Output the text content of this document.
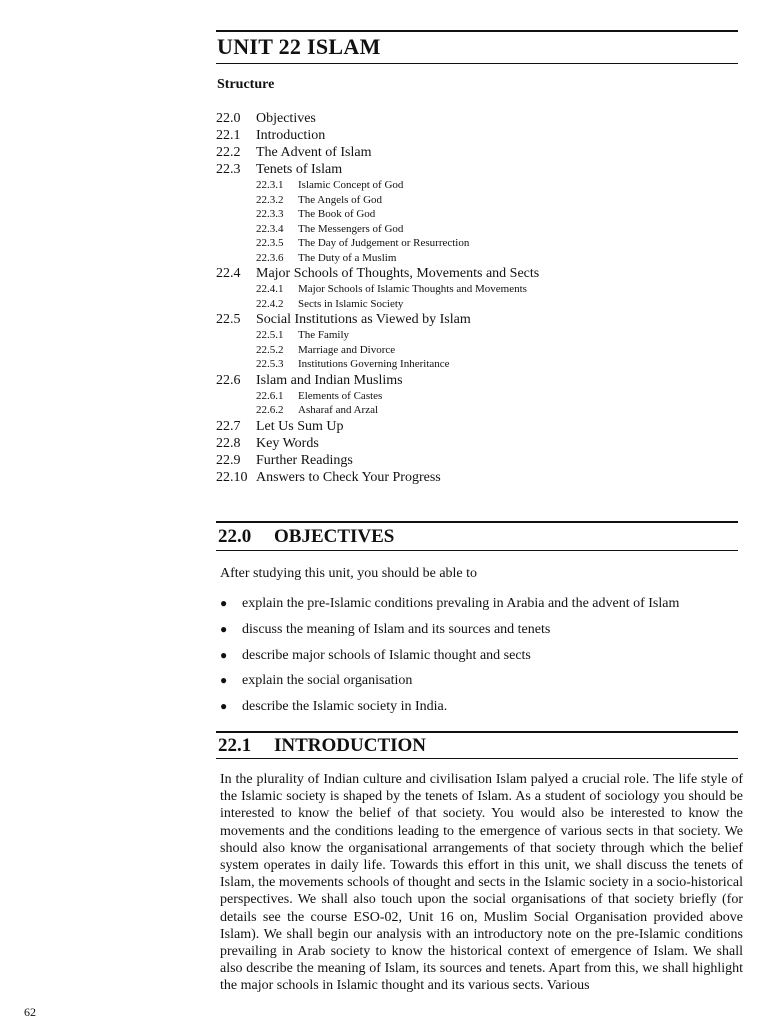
UNIT 22 ISLAM
Structure
22.0 Objectives
22.1 Introduction
22.2 The Advent of Islam
22.3 Tenets of Islam
22.3.1 Islamic Concept of God
22.3.2 The Angels of God
22.3.3 The Book of God
22.3.4 The Messengers of God
22.3.5 The Day of Judgement or Resurrection
22.3.6 The Duty of a Muslim
22.4 Major Schools of Thoughts, Movements and Sects
22.4.1 Major Schools of Islamic Thoughts and Movements
22.4.2 Sects in Islamic Society
22.5 Social Institutions as Viewed by Islam
22.5.1 The Family
22.5.2 Marriage and Divorce
22.5.3 Institutions Governing Inheritance
22.6 Islam and Indian Muslims
22.6.1 Elements of Castes
22.6.2 Asharaf and Arzal
22.7 Let Us Sum Up
22.8 Key Words
22.9 Further Readings
22.10 Answers to Check Your Progress
22.0 OBJECTIVES

After studying this unit, you should be able to

● explain the pre-Islamic conditions prevaling in Arabia and the advent of Islam
● discuss the meaning of Islam and its sources and tenets
● describe major schools of Islamic thought and sects
● explain the social organisation
● describe the Islamic society in India.
22.1 INTRODUCTION

In the plurality of Indian culture and civilisation Islam palyed a crucial role. The life style of the Islamic society is shaped by the tenets of Islam. As a student of sociology you should be interested to know the belief of that society. You would also be interested to know the movements and the conditions leading to the emergence of various sects in that society. We should also know the organisational arrangements of that society through which the belief system operates in daily life. Towards this effort in this unit, we shall discuss the tenets of Islam, the movements schools of thought and sects in the Islamic society in a socio-historical perspectives. We shall also touch upon the social organisations of that society briefly (for details see the course ESO-02, Unit 16 on, Muslim Social Organisation provided above Islam). We shall begin our analysis with an introductory note on the pre-Islamic conditions prevailing in Arab society to know the historical context of emergence of Islam. We shall also describe the meaning of Islam, its sources and tenets. Apart from this, we shall highlight the major schools in Islamic thought and its various sects. Various

62
